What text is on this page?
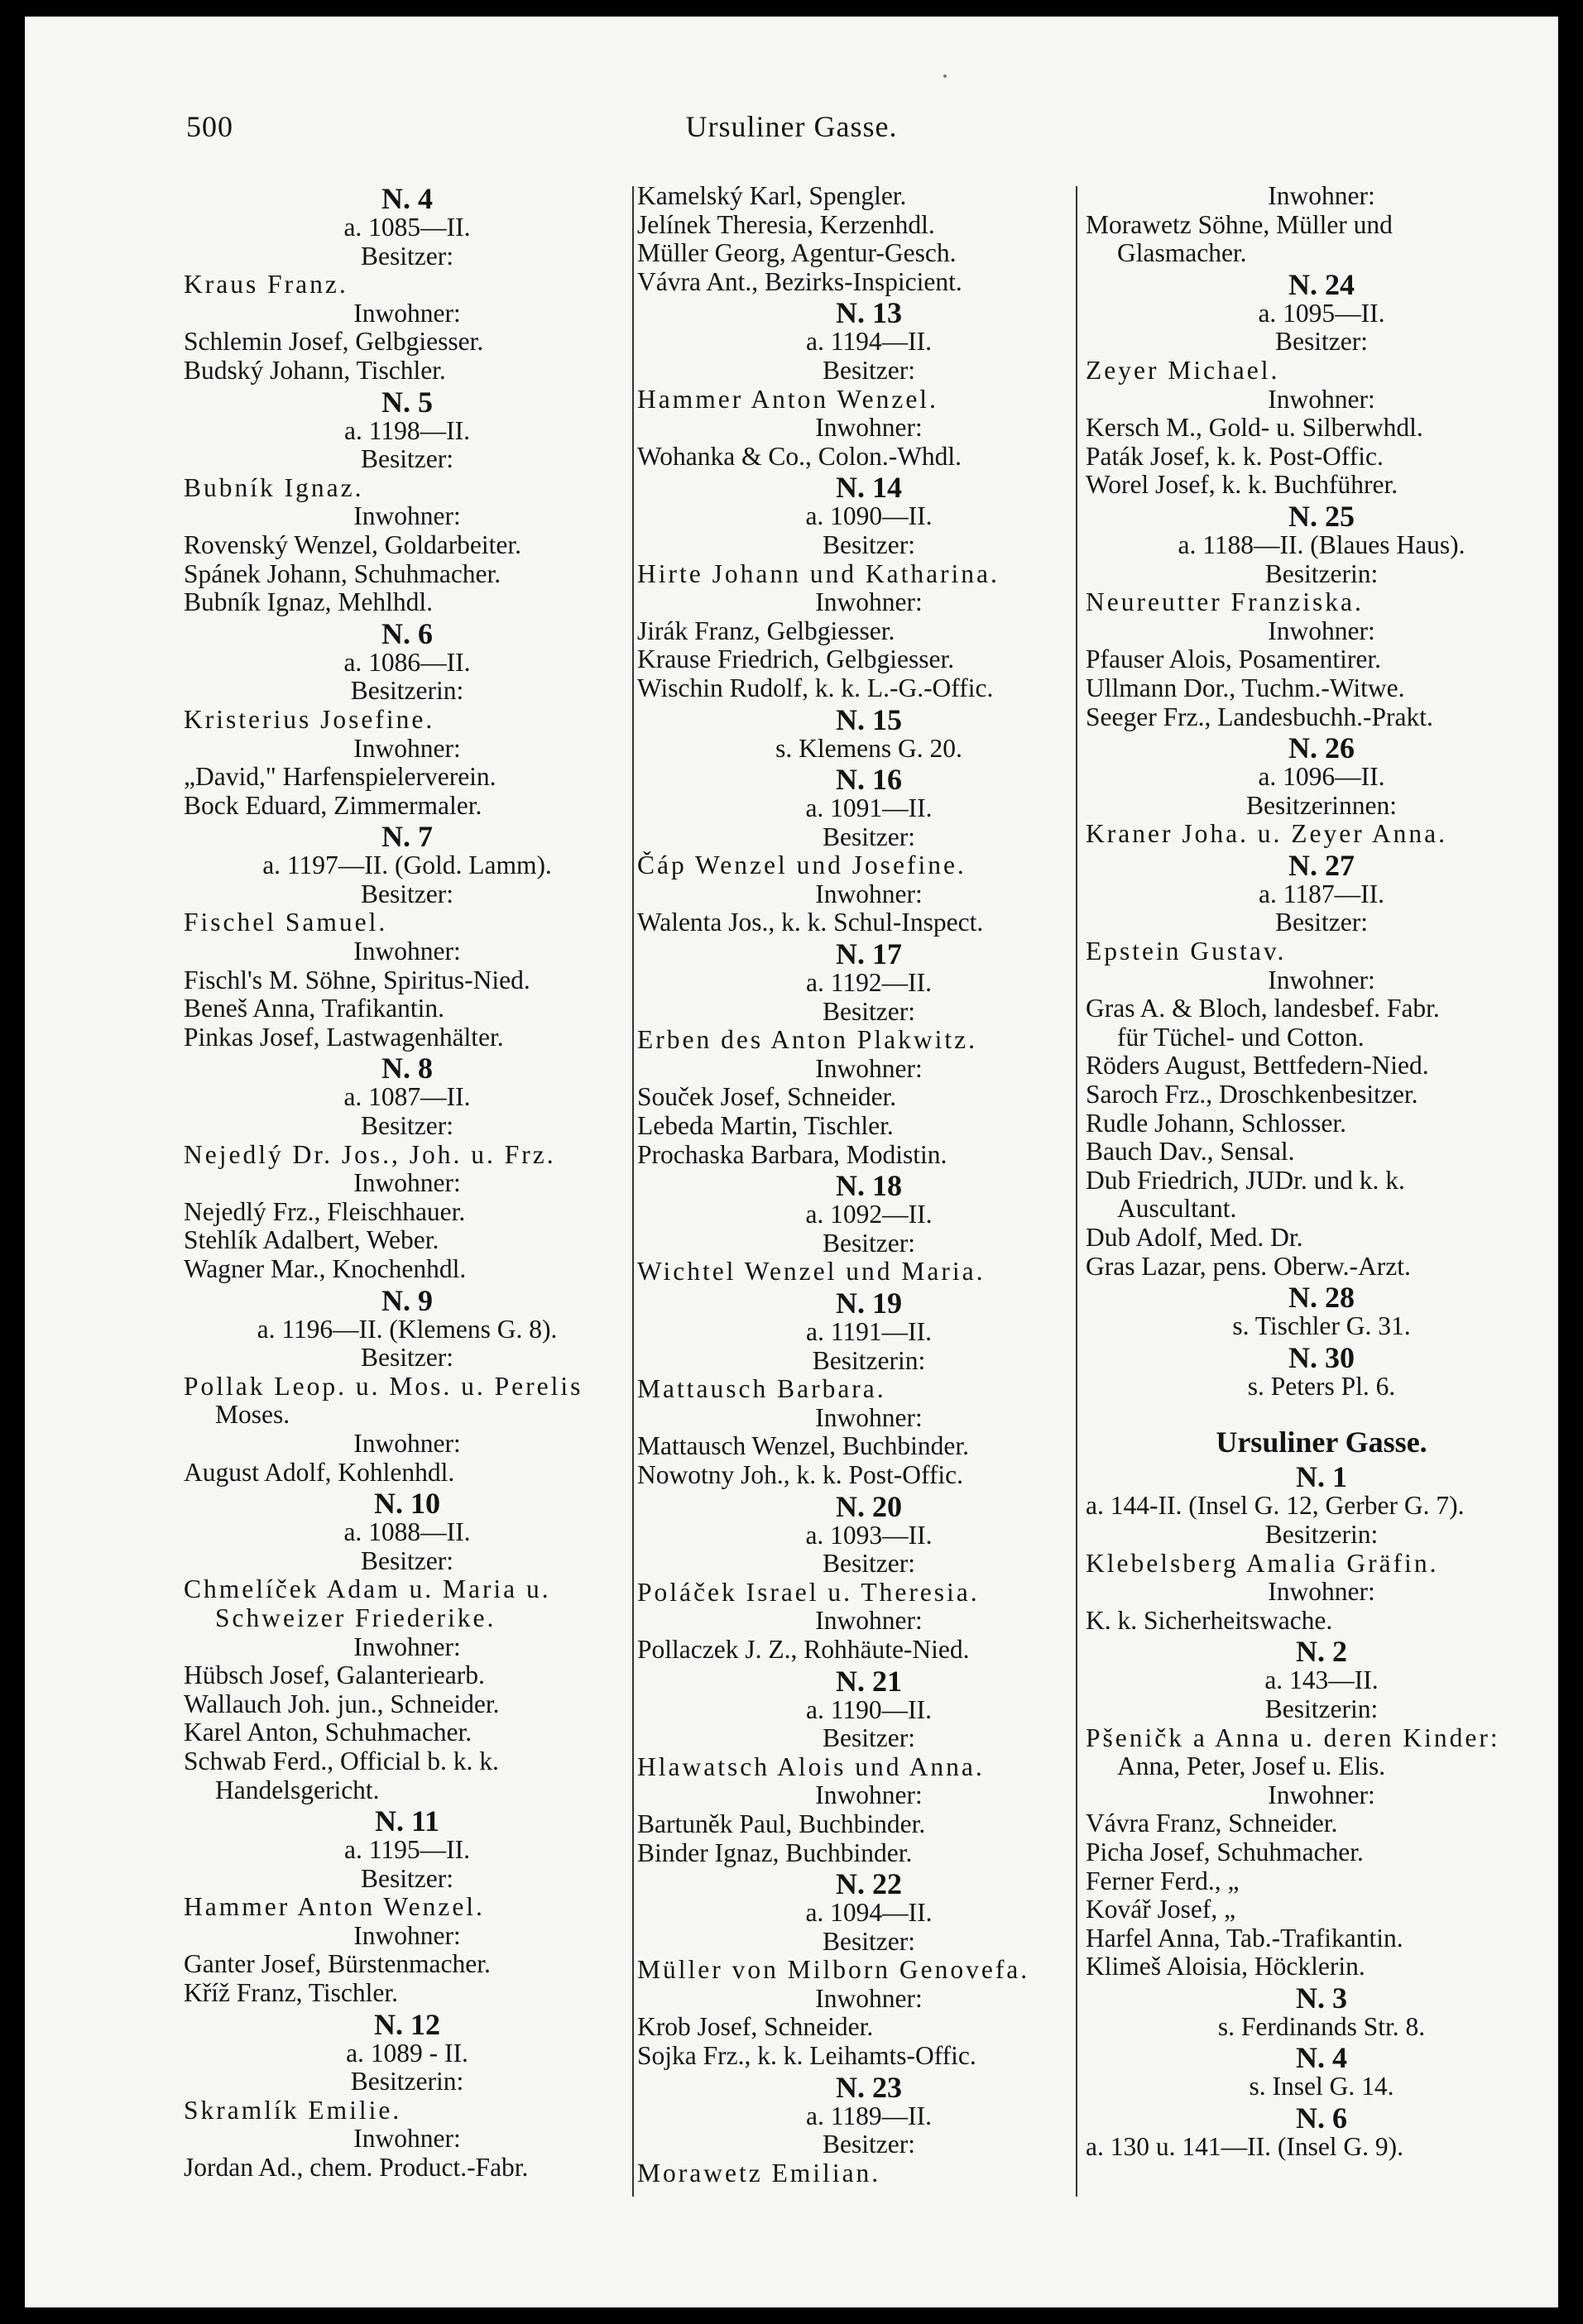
500	Ursuliner Gasse.
N. 4
a. 1085—II.
Besitzer:
Kraus Franz.
Inwohner:
Schlemin Josef, Gelbgiesser.
Budský Johann, Tischler.
N. 5
a. 1198—II.
Besitzer:
Bubník Ignaz.
Inwohner:
Rovenský Wenzel, Goldarbeiter.
Spánek Johann, Schuhmacher.
Bubník Ignaz, Mehlhdl.
N. 6
a. 1086—II.
Besitzerin:
Kristerius Josefine.
Inwohner:
„David," Harfenspielerverein.
Bock Eduard, Zimmermaler.
N. 7
a. 1197—II. (Gold. Lamm).
Besitzer:
Fischel Samuel.
Inwohner:
Fischl's M. Söhne, Spiritus-Nied.
Beneš Anna, Trafikantin.
Pinkas Josef, Lastwagenhälter.
N. 8
a. 1087—II.
Besitzer:
Nejedlý Dr. Jos., Joh. u. Frz.
Inwohner:
Nejedlý Frz., Fleischhauer.
Stehlík Adalbert, Weber.
Wagner Mar., Knochenhdl.
N. 9
a. 1196—II. (Klemens G. 8).
Besitzer:
Pollak Leop. u. Mos. u. Perelis
Moses.
Inwohner:
August Adolf, Kohlenhdl.
N. 10
a. 1088—II.
Besitzer:
Chmelíček Adam u. Maria u.
Schweizer Friederike.
Inwohner:
Hübsch Josef, Galanteriearb.
Wallauch Joh. jun., Schneider.
Karel Anton, Schuhmacher.
Schwab Ferd., Official b. k. k.
Handelsgericht.
N. 11
a. 1195—II.
Besitzer:
Hammer Anton Wenzel.
Inwohner:
Ganter Josef, Bürstenmacher.
Kříž Franz, Tischler.
N. 12
a. 1089 - II.
Besitzerin:
Skramlík Emilie.
Inwohner:
Jordan Ad., chem. Product.-Fabr.
Kamelský Karl, Spengler.
Jelínek Theresia, Kerzenhdl.
Müller Georg, Agentur-Gesch.
Vávra Ant., Bezirks-Inspicient.
N. 13
a. 1194—II.
Besitzer:
Hammer Anton Wenzel.
Inwohner:
Wohanka & Co., Colon.-Whdl.
N. 14
a. 1090—II.
Besitzer:
Hirte Johann und Katharina.
Inwohner:
Jirák Franz, Gelbgiesser.
Krause Friedrich, Gelbgiesser.
Wischin Rudolf, k. k. L.-G.-Offic.
N. 15
s. Klemens G. 20.
N. 16
a. 1091—II.
Besitzer:
Čáp Wenzel und Josefine.
Inwohner:
Walenta Jos., k. k. Schul-Inspect.
N. 17
a. 1192—II.
Besitzer:
Erben des Anton Plakwitz.
Inwohner:
Souček Josef, Schneider.
Lebeda Martin, Tischler.
Prochaska Barbara, Modistin.
N. 18
a. 1092—II.
Besitzer:
Wichtel Wenzel und Maria.
N. 19
a. 1191—II.
Besitzerin:
Mattausch Barbara.
Inwohner:
Mattausch Wenzel, Buchbinder.
Nowotny Joh., k. k. Post-Offic.
N. 20
a. 1093—II.
Besitzer:
Poláček Israel u. Theresia.
Inwohner:
Pollaczek J. Z., Rohhäute-Nied.
N. 21
a. 1190—II.
Besitzer:
Hlawatsch Alois und Anna.
Inwohner:
Bartuněk Paul, Buchbinder.
Binder Ignaz, Buchbinder.
N. 22
a. 1094—II.
Besitzer:
Müller von Milborn Genovefa.
Inwohner:
Krob Josef, Schneider.
Sojka Frz., k. k. Leihamts-Offic.
N. 23
a. 1189—II.
Besitzer:
Morawetz Emilian.
Inwohner:
Morawetz Söhne, Müller und
Glasmacher.
N. 24
a. 1095—II.
Besitzer:
Zeyer Michael.
Inwohner:
Kersch M., Gold- u. Silberwhdl.
Paták Josef, k. k. Post-Offic.
Worel Josef, k. k. Buchführer.
N. 25
a. 1188—II. (Blaues Haus).
Besitzerin:
Neureutter Franziska.
Inwohner:
Pfauser Alois, Posamentirer.
Ullmann Dor., Tuchm.-Witwe.
Seeger Frz., Landesbuchh.-Prakt.
N. 26
a. 1096—II.
Besitzerinnen:
Kraner Joha. u. Zeyer Anna.
N. 27
a. 1187—II.
Besitzer:
Epstein Gustav.
Inwohner:
Gras A. & Bloch, landesbef. Fabr.
für Tüchel- und Cotton.
Röders August, Bettfedern-Nied.
Saroch Frz., Droschkenbesitzer.
Rudle Johann, Schlosser.
Bauch Dav., Sensal.
Dub Friedrich, JUDr. und k. k.
Auscultant.
Dub Adolf, Med. Dr.
Gras Lazar, pens. Oberw.-Arzt.
N. 28
s. Tischler G. 31.
N. 30
s. Peters Pl. 6.
Ursuliner Gasse.
N. 1
a. 144-II. (Insel G. 12, Gerber G. 7).
Besitzerin:
Klebelsberg Amalia Gräfin.
Inwohner:
K. k. Sicherheitswache.
N. 2
a. 143—II.
Besitzerin:
Pšeničk a Anna u. deren Kinder:
Anna, Peter, Josef u. Elis.
Inwohner:
Vávra Franz, Schneider.
Picha Josef, Schuhmacher.
Ferner Ferd., „
Kovář Josef, „
Harfel Anna, Tab.-Trafikantin.
Klimeš Aloisia, Höcklerin.
N. 3
s. Ferdinands Str. 8.
N. 4
s. Insel G. 14.
N. 6
a. 130 u. 141—II. (Insel G. 9).
